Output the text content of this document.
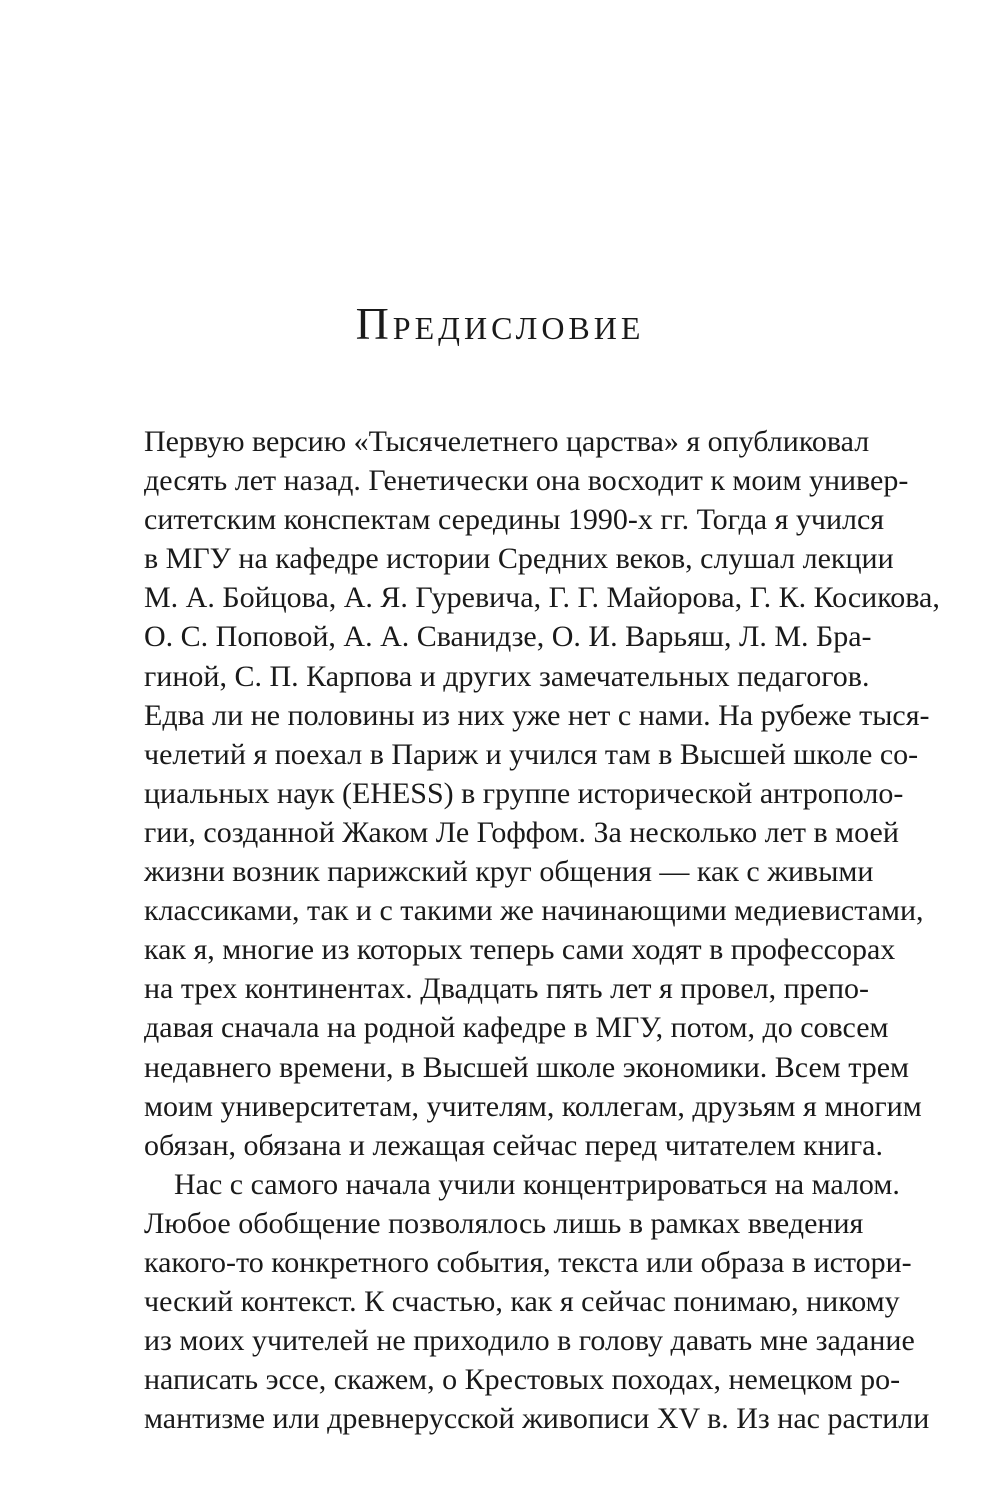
Предисловие
Первую версию «Тысячелетнего царства» я опубликовал
десять лет назад. Генетически она восходит к моим универ-
ситетским конспектам середины 1990-х гг. Тогда я учился
в МГУ на кафедре истории Средних веков, слушал лекции
М. А. Бойцова, А. Я. Гуревича, Г. Г. Майорова, Г. К. Косикова,
О. С. Поповой, А. А. Сванидзе, О. И. Варьяш, Л. М. Бра-
гиной, С. П. Карпова и других замечательных педагогов.
Едва ли не половины из них уже нет с нами. На рубеже тыся-
челетий я поехал в Париж и учился там в Высшей школе со-
циальных наук (EHESS) в группе исторической антрополо-
гии, созданной Жаком Ле Гоффом. За несколько лет в моей
жизни возник парижский круг общения — как с живыми
классиками, так и с такими же начинающими медиевистами,
как я, многие из которых теперь сами ходят в профессорах
на трех континентах. Двадцать пять лет я провел, препо-
давая сначала на родной кафедре в МГУ, потом, до совсем
недавнего времени, в Высшей школе экономики. Всем трем
моим университетам, учителям, коллегам, друзьям я многим
обязан, обязана и лежащая сейчас перед читателем книга.
Нас с самого начала учили концентрироваться на малом.
Любое обобщение позволялось лишь в рамках введения
какого-то конкретного события, текста или образа в истори-
ческий контекст. К счастью, как я сейчас понимаю, никому
из моих учителей не приходило в голову давать мне задание
написать эссе, скажем, о Крестовых походах, немецком ро-
мантизме или древнерусской живописи XV в. Из нас растили
